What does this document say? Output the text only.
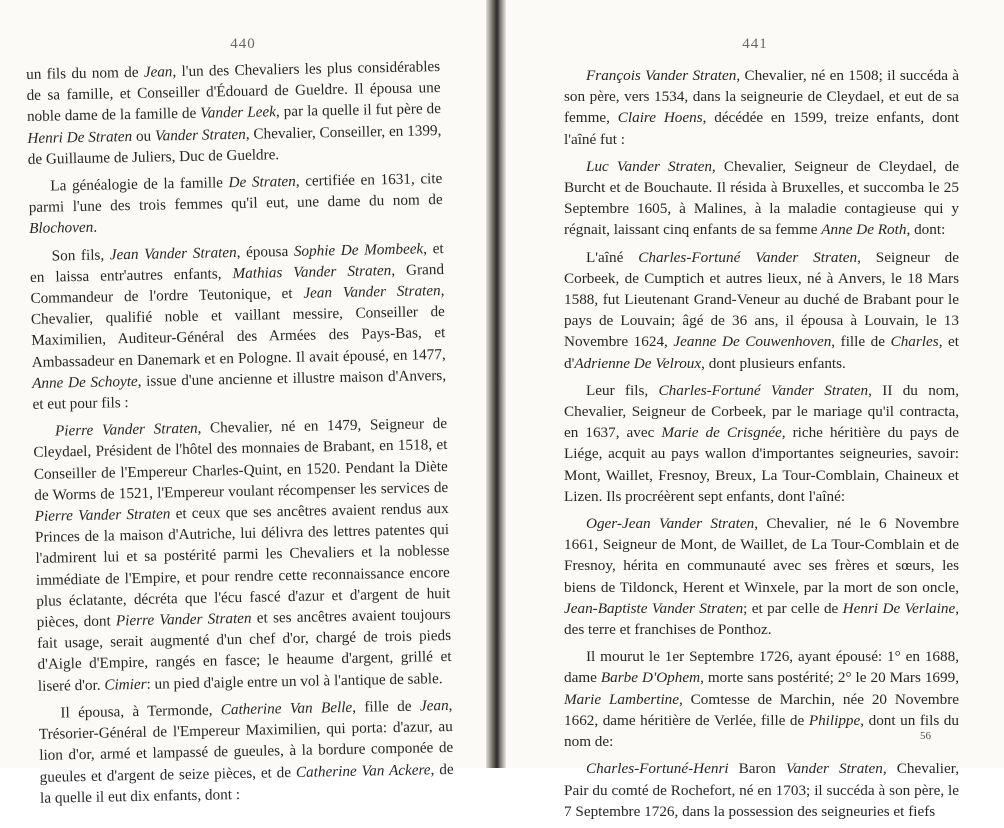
440

un fils du nom de Jean, l'un des Chevaliers les plus considérables de sa famille, et Conseiller d'Édouard de Gueldre. Il épousa une noble dame de la famille de Vander Leek, par la quelle il fut père de Henri De Straten ou Vander Straten, Chevalier, Conseiller, en 1399, de Guillaume de Juliers, Duc de Gueldre.

La généalogie de la famille De Straten, certifiée en 1631, cite parmi l'une des trois femmes qu'il eut, une dame du nom de Blochoven.

Son fils, Jean Vander Straten, épousa Sophie De Mombeek, et en laissa entr'autres enfants, Mathias Vander Straten, Grand Commandeur de l'ordre Teutonique, et Jean Vander Straten, Chevalier, qualifié noble et vaillant messire, Conseiller de Maximilien, Auditeur-Général des Armées des Pays-Bas, et Ambassadeur en Danemark et en Pologne. Il avait épousé, en 1477, Anne De Schoyte, issue d'une ancienne et illustre maison d'Anvers, et eut pour fils :

Pierre Vander Straten, Chevalier, né en 1479, Seigneur de Cleydael, Président de l'hôtel des monnaies de Brabant, en 1518, et Conseiller de l'Empereur Charles-Quint, en 1520. Pendant la Diète de Worms de 1521, l'Empereur voulant récompenser les services de Pierre Vander Straten et ceux que ses ancêtres avaient rendus aux Princes de la maison d'Autriche, lui délivra des lettres patentes qui l'admirent lui et sa postérité parmi les Chevaliers et la noblesse immédiate de l'Empire, et pour rendre cette reconnaissance encore plus éclatante, décréta que l'écu fascé d'azur et d'argent de huit pièces, dont Pierre Vander Straten et ses ancêtres avaient toujours fait usage, serait augmenté d'un chef d'or, chargé de trois pieds d'Aigle d'Empire, rangés en fasce; le heaume d'argent, grillé et liseré d'or. Cimier: un pied d'aigle entre un vol à l'antique de sable.

Il épousa, à Termonde, Catherine Van Belle, fille de Jean, Trésorier-Général de l'Empereur Maximilien, qui porta: d'azur, au lion d'or, armé et lampassé de gueules, à la bordure componée de gueules et d'argent de seize pièces, et de Catherine Van Ackere, de la quelle il eut dix enfants, dont :

441

François Vander Straten, Chevalier, né en 1508; il succéda à son père, vers 1534, dans la seigneurie de Cleydael, et eut de sa femme, Claire Hoens, décédée en 1599, treize enfants, dont l'aîné fut :

Luc Vander Straten, Chevalier, Seigneur de Cleydael, de Burcht et de Bouchaute. Il résida à Bruxelles, et succomba le 25 Septembre 1605, à Malines, à la maladie contagieuse qui y régnait, laissant cinq enfants de sa femme Anne De Roth, dont:

L'aîné Charles-Fortuné Vander Straten, Seigneur de Corbeek, de Cumptich et autres lieux, né à Anvers, le 18 Mars 1588, fut Lieutenant Grand-Veneur au duché de Brabant pour le pays de Louvain; âgé de 36 ans, il épousa à Louvain, le 13 Novembre 1624, Jeanne De Couwenhoven, fille de Charles, et d'Adrienne De Velroux, dont plusieurs enfants.

Leur fils, Charles-Fortuné Vander Straten, II du nom, Chevalier, Seigneur de Corbeek, par le mariage qu'il contracta, en 1637, avec Marie de Crisgnée, riche héritière du pays de Liége, acquit au pays wallon d'importantes seigneuries, savoir: Mont, Waillet, Fresnoy, Breux, La Tour-Comblain, Chaineux et Lizen. Ils procréèrent sept enfants, dont l'aîné:

Oger-Jean Vander Straten, Chevalier, né le 6 Novembre 1661, Seigneur de Mont, de Waillet, de La Tour-Comblain et de Fresnoy, hérita en communauté avec ses frères et sœurs, les biens de Tildonck, Herent et Winxele, par la mort de son oncle, Jean-Baptiste Vander Straten; et par celle de Henri De Verlaine, des terre et franchises de Ponthoz.

Il mourut le 1er Septembre 1726, ayant épousé: 1° en 1688, dame Barbe D'Ophem, morte sans postérité; 2° le 20 Mars 1699, Marie Lambertine, Comtesse de Marchin, née 20 Novembre 1662, dame héritière de Verlée, fille de Philippe, dont un fils du nom de:

Charles-Fortuné-Henri Baron Vander Straten, Chevalier, Pair du comté de Rochefort, né en 1703; il succéda à son père, le 7 Septembre 1726, dans la possession des seigneuries et fiefs

56
